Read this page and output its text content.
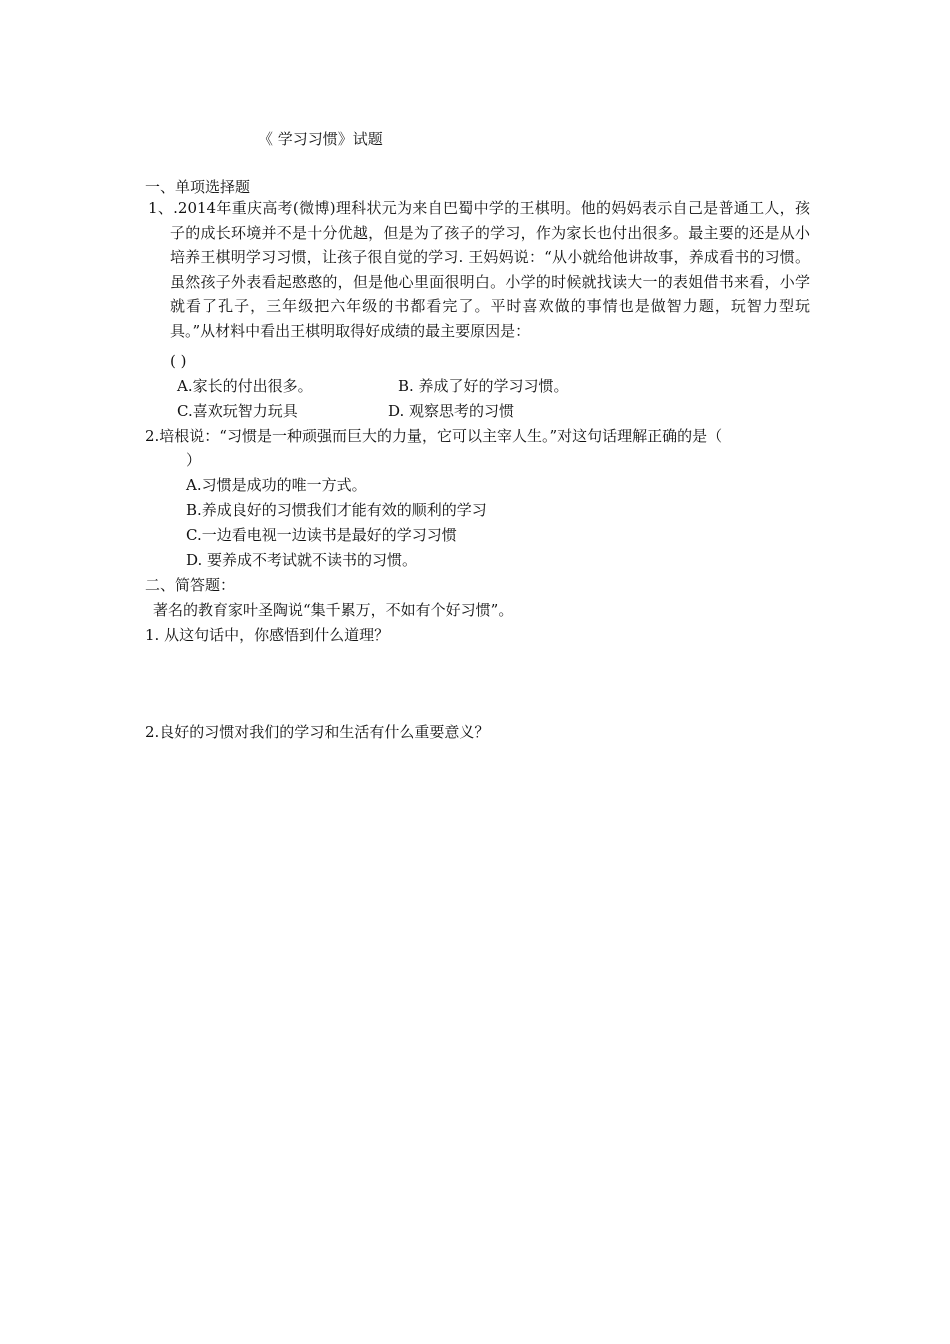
《 学习习惯》试题
一、单项选择题
1、.2014年重庆高考(微博)理科状元为来自巴蜀中学的王棋明。他的妈妈表示自己是普通工人，孩子的成长环境并不是十分优越，但是为了孩子的学习，作为家长也付出很多。最主要的还是从小培养王棋明学习习惯，让孩子很自觉的学习. 王妈妈说：“从小就给他讲故事，养成看书的习惯。虽然孩子外表看起憨憨的，但是他心里面很明白。小学的时候就找读大一的表姐借书来看，小学就看了孔子，三年级把六年级的书都看完了。平时喜欢做的事情也是做智力题，玩智力型玩具。”从材料中看出王棋明取得好成绩的最主要原因是：
( )
A.家长的付出很多。	B. 养成了好的学习习惯。
C.喜欢玩智力玩具	D. 观察思考的习惯
2.培根说：“习惯是一种顽强而巨大的力量，它可以主宰人生。”对这句话理解正确的是（
）
A.习惯是成功的唯一方式。
B.养成良好的习惯我们才能有效的顺利的学习
C.一边看电视一边读书是最好的学习习惯
D. 要养成不考试就不读书的习惯。
二、简答题：
著名的教育家叶圣陶说“集千累万，不如有个好习惯”。
1. 从这句话中，你感悟到什么道理？
2.良好的习惯对我们的学习和生活有什么重要意义？
